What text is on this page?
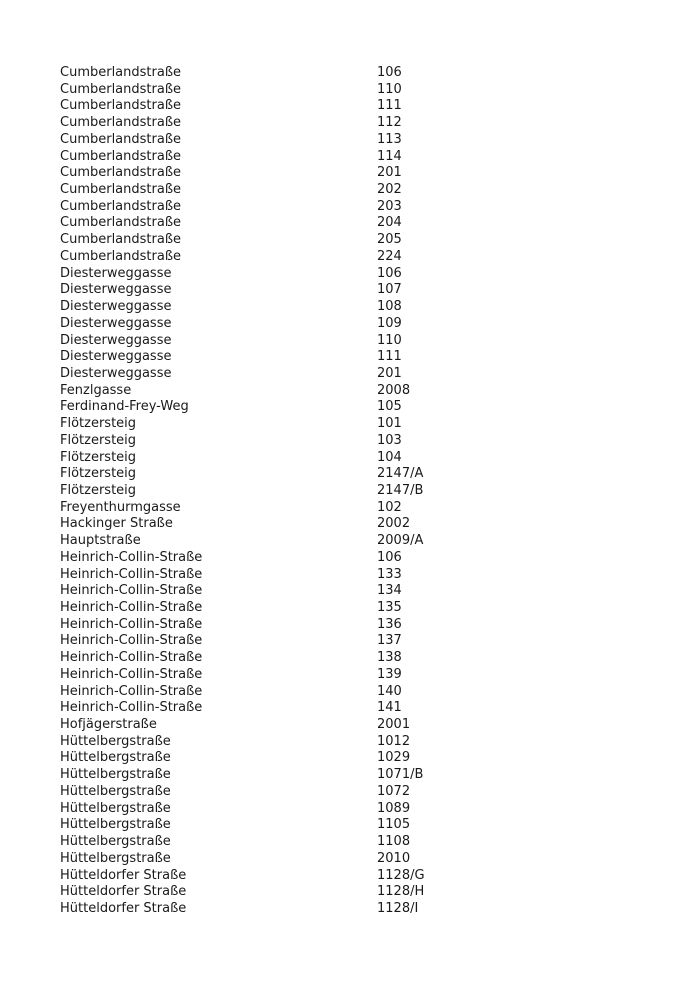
Cumberlandstraße	106
Cumberlandstraße	110
Cumberlandstraße	111
Cumberlandstraße	112
Cumberlandstraße	113
Cumberlandstraße	114
Cumberlandstraße	201
Cumberlandstraße	202
Cumberlandstraße	203
Cumberlandstraße	204
Cumberlandstraße	205
Cumberlandstraße	224
Diesterweggasse	106
Diesterweggasse	107
Diesterweggasse	108
Diesterweggasse	109
Diesterweggasse	110
Diesterweggasse	111
Diesterweggasse	201
Fenzlgasse	2008
Ferdinand-Frey-Weg	105
Flötzersteig	101
Flötzersteig	103
Flötzersteig	104
Flötzersteig	2147/A
Flötzersteig	2147/B
Freyenthurmgasse	102
Hackinger Straße	2002
Hauptstraße	2009/A
Heinrich-Collin-Straße	106
Heinrich-Collin-Straße	133
Heinrich-Collin-Straße	134
Heinrich-Collin-Straße	135
Heinrich-Collin-Straße	136
Heinrich-Collin-Straße	137
Heinrich-Collin-Straße	138
Heinrich-Collin-Straße	139
Heinrich-Collin-Straße	140
Heinrich-Collin-Straße	141
Hofjägerstraße	2001
Hüttelbergstraße	1012
Hüttelbergstraße	1029
Hüttelbergstraße	1071/B
Hüttelbergstraße	1072
Hüttelbergstraße	1089
Hüttelbergstraße	1105
Hüttelbergstraße	1108
Hüttelbergstraße	2010
Hütteldorfer Straße	1128/G
Hütteldorfer Straße	1128/H
Hütteldorfer Straße	1128/I
